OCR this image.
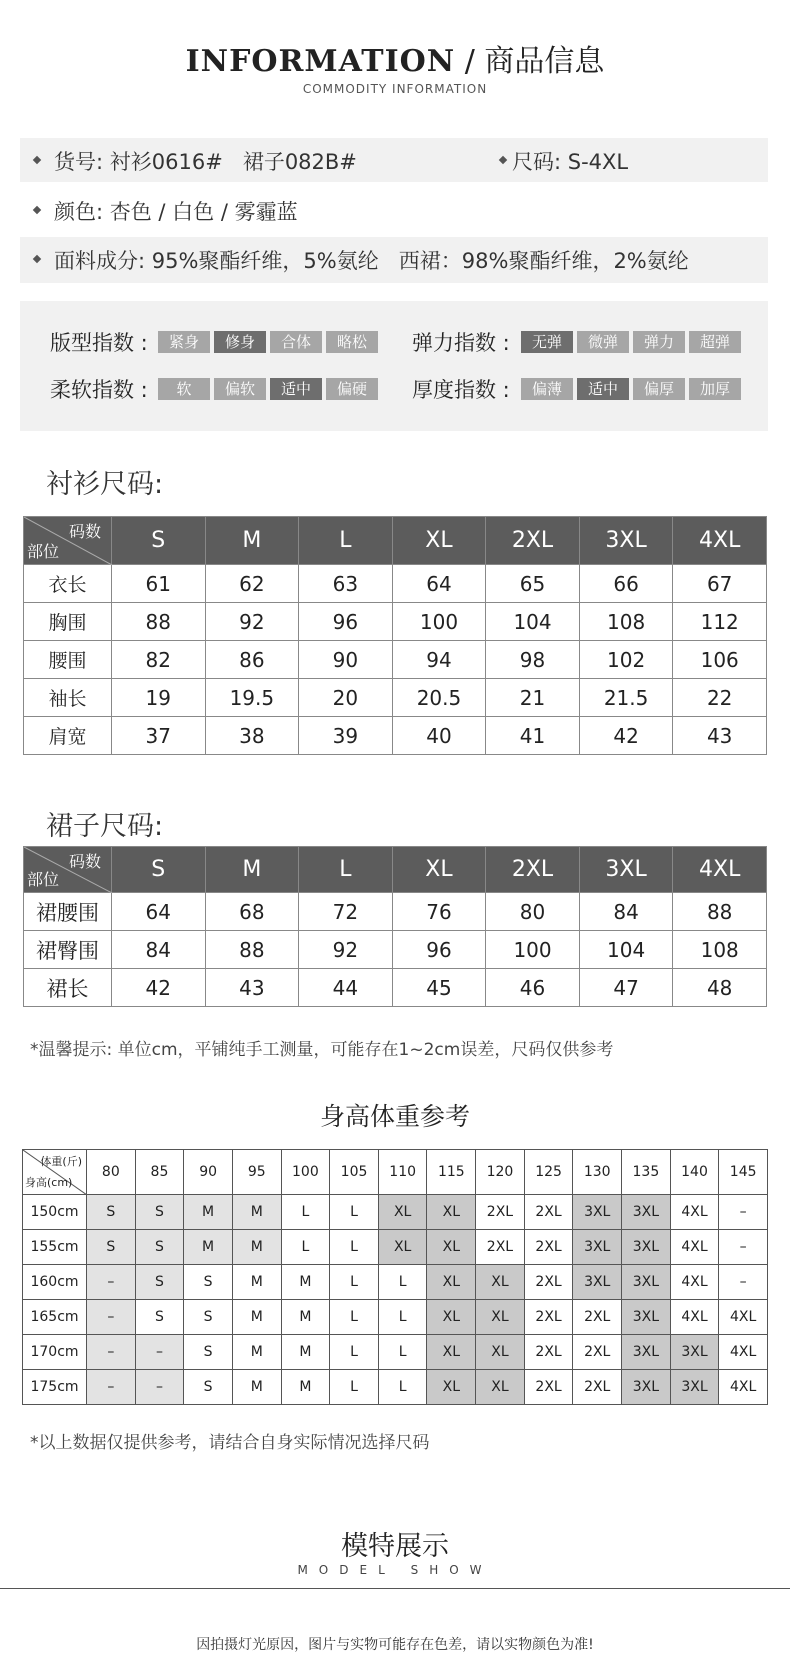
INFORMATION / 商品信息
COMMODITY INFORMATION
货号: 衬衫0616#   裙子082B#	尺码: S-4XL
颜色: 杏色 / 白色 / 雾霾蓝
面料成分: 95%聚酯纤维，5%氨纶   西裙：98%聚酯纤维，2%氨纶
版型指数 :
柔软指数 :
弹力指数 :
厚度指数 :
紧身	修身	合体	略松
软	偏软	适中	偏硬
无弹	微弹	弹力	超弹
偏薄	适中	偏厚	加厚
衬衫尺码:
码数
部位	S	M	L	XL	2XL	3XL	4XL
衣长	61	62	63	64	65	66	67
胸围	88	92	96	100	104	108	112
腰围	82	86	90	94	98	102	106
袖长	19	19.5	20	20.5	21	21.5	22
肩宽	37	38	39	40	41	42	43
裙子尺码:
码数
部位	S	M	L	XL	2XL	3XL	4XL
裙腰围	64	68	72	76	80	84	88
裙臀围	84	88	92	96	100	104	108
裙长	42	43	44	45	46	47	48
*温馨提示: 单位cm，平铺纯手工测量，可能存在1~2cm误差，尺码仅供参考
身高体重参考
体重(斤)
身高(cm)	80	85	90	95	100	105	110	115	120	125	130	135	140	145
150cm	S	S	M	M	L	L	XL	XL	2XL	2XL	3XL	3XL	4XL	–
155cm	S	S	M	M	L	L	XL	XL	2XL	2XL	3XL	3XL	4XL	–
160cm	–	S	S	M	M	L	L	XL	XL	2XL	3XL	3XL	4XL	–
165cm	–	S	S	M	M	L	L	XL	XL	2XL	2XL	3XL	4XL	4XL
170cm	–	–	S	M	M	L	L	XL	XL	2XL	2XL	3XL	3XL	4XL
175cm	–	–	S	M	M	L	L	XL	XL	2XL	2XL	3XL	3XL	4XL
*以上数据仅提供参考，请结合自身实际情况选择尺码
模特展示
MODEL SHOW
因拍摄灯光原因，图片与实物可能存在色差，请以实物颜色为准!
